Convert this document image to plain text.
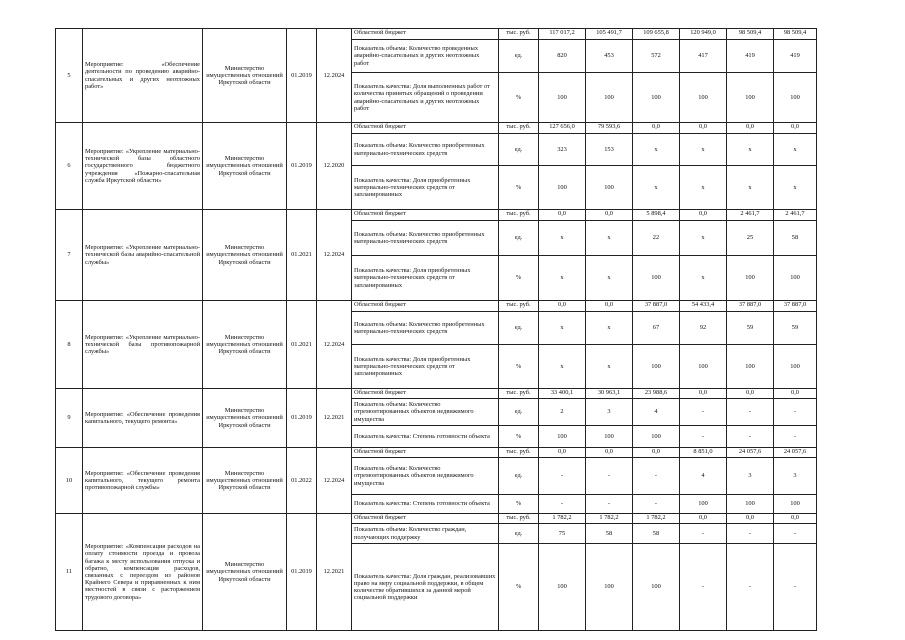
5	Мероприятие: «Обеспечение деятельности по проведению аварийно-спасательных и других неотложных работ»	Министерство имущественных отношений Иркутской области	01.2019	12.2024	Областной бюджет	тыс. руб.	117 017,2	105 491,7	109 655,8	120 949,0	98 509,4	98 509,4
					Показатель объема: Количество проведенных аварийно-спасательных и других неотложных работ	ед.	820	453	572	417	419	419
					Показатель качества: Доля выполненных работ от количества принятых обращений о проведении аварийно-спасательных и других неотложных работ	%	100	100	100	100	100	100
6	Мероприятие: «Укрепление материально-технической базы областного государственного бюджетного учреждения «Пожарно-спасательная служба Иркутской области»	Министерство имущественных отношений Иркутской области	01.2019	12.2020	Областной бюджет	тыс. руб.	127 656,0	79 593,6	0,0	0,0	0,0	0,0
					Показатель объема: Количество приобретенных материально-технических средств	ед.	323	153	х	х	х	х
					Показатель качества: Доля приобретенных материально-технических средств от запланированных	%	100	100	х	х	х	х
7	Мероприятие: «Укрепление материально-технической базы аварийно-спасательной службы»	Министерство имущественных отношений Иркутской области	01.2021	12.2024	Областной бюджет	тыс. руб.	0,0	0,0	5 898,4	0,0	2 461,7	2 461,7
					Показатель объема: Количество приобретенных материально-технических средств	ед.	х	х	22	х	25	58
					Показатель качества: Доля приобретенных материально-технических средств от запланированных	%	х	х	100	х	100	100
8	Мероприятие: «Укрепление материально-технической базы противопожарной службы»	Министерство имущественных отношений Иркутской области	01.2021	12.2024	Областной бюджет	тыс. руб.	0,0	0,0	37 887,0	54 433,4	37 887,0	37 887,0
					Показатель объема: Количество приобретенных материально-технических средств	ед.	х	х	67	92	59	59
					Показатель качества: Доля приобретенных материально-технических средств от запланированных	%	х	х	100	100	100	100
9	Мероприятие: «Обеспечение проведения капитального, текущего ремонта»	Министерство имущественных отношений Иркутской области	01.2019	12.2021	Областной бюджет	тыс. руб.	33 400,1	30 963,1	23 988,6	0,0	0,0	0,0
					Показатель объема: Количество отремонтированных объектов недвижимого имущества	ед.	2	3	4	-	-	-
					Показатель качества: Степень готовности объекта	%	100	100	100	-	-	-
10	Мероприятие: «Обеспечение проведения капитального, текущего ремонта противопожарной службы»	Министерство имущественных отношений Иркутской области	01.2022	12.2024	Областной бюджет	тыс. руб.	0,0	0,0	0,0	8 851,0	24 057,6	24 057,6
					Показатель объема: Количество отремонтированных объектов недвижимого имущества	ед.	-	-	-	4	3	3
					Показатель качества: Степень готовности объекта	%	-	-	-	100	100	100
11	Мероприятие: «Компенсация расходов на оплату стоимости проезда и провоза багажа к месту использования отпуска и обратно, компенсация расходов, связанных с переездом из районов Крайнего Севера и приравненных к ним местностей в связи с расторжением трудового договора»	Министерство имущественных отношений Иркутской области	01.2019	12.2021	Областной бюджет	тыс. руб.	1 782,2	1 782,2	1 782,2	0,0	0,0	0,0
					Показатель объема: Количество граждан, получающих поддержку	ед.	75	58	58	-	-	-
					Показатель качества: Доля граждан, реализовавших право на меру социальной поддержки, в общем количестве обратившихся за данной мерой социальной поддержки	%	100	100	100	-	-	-
